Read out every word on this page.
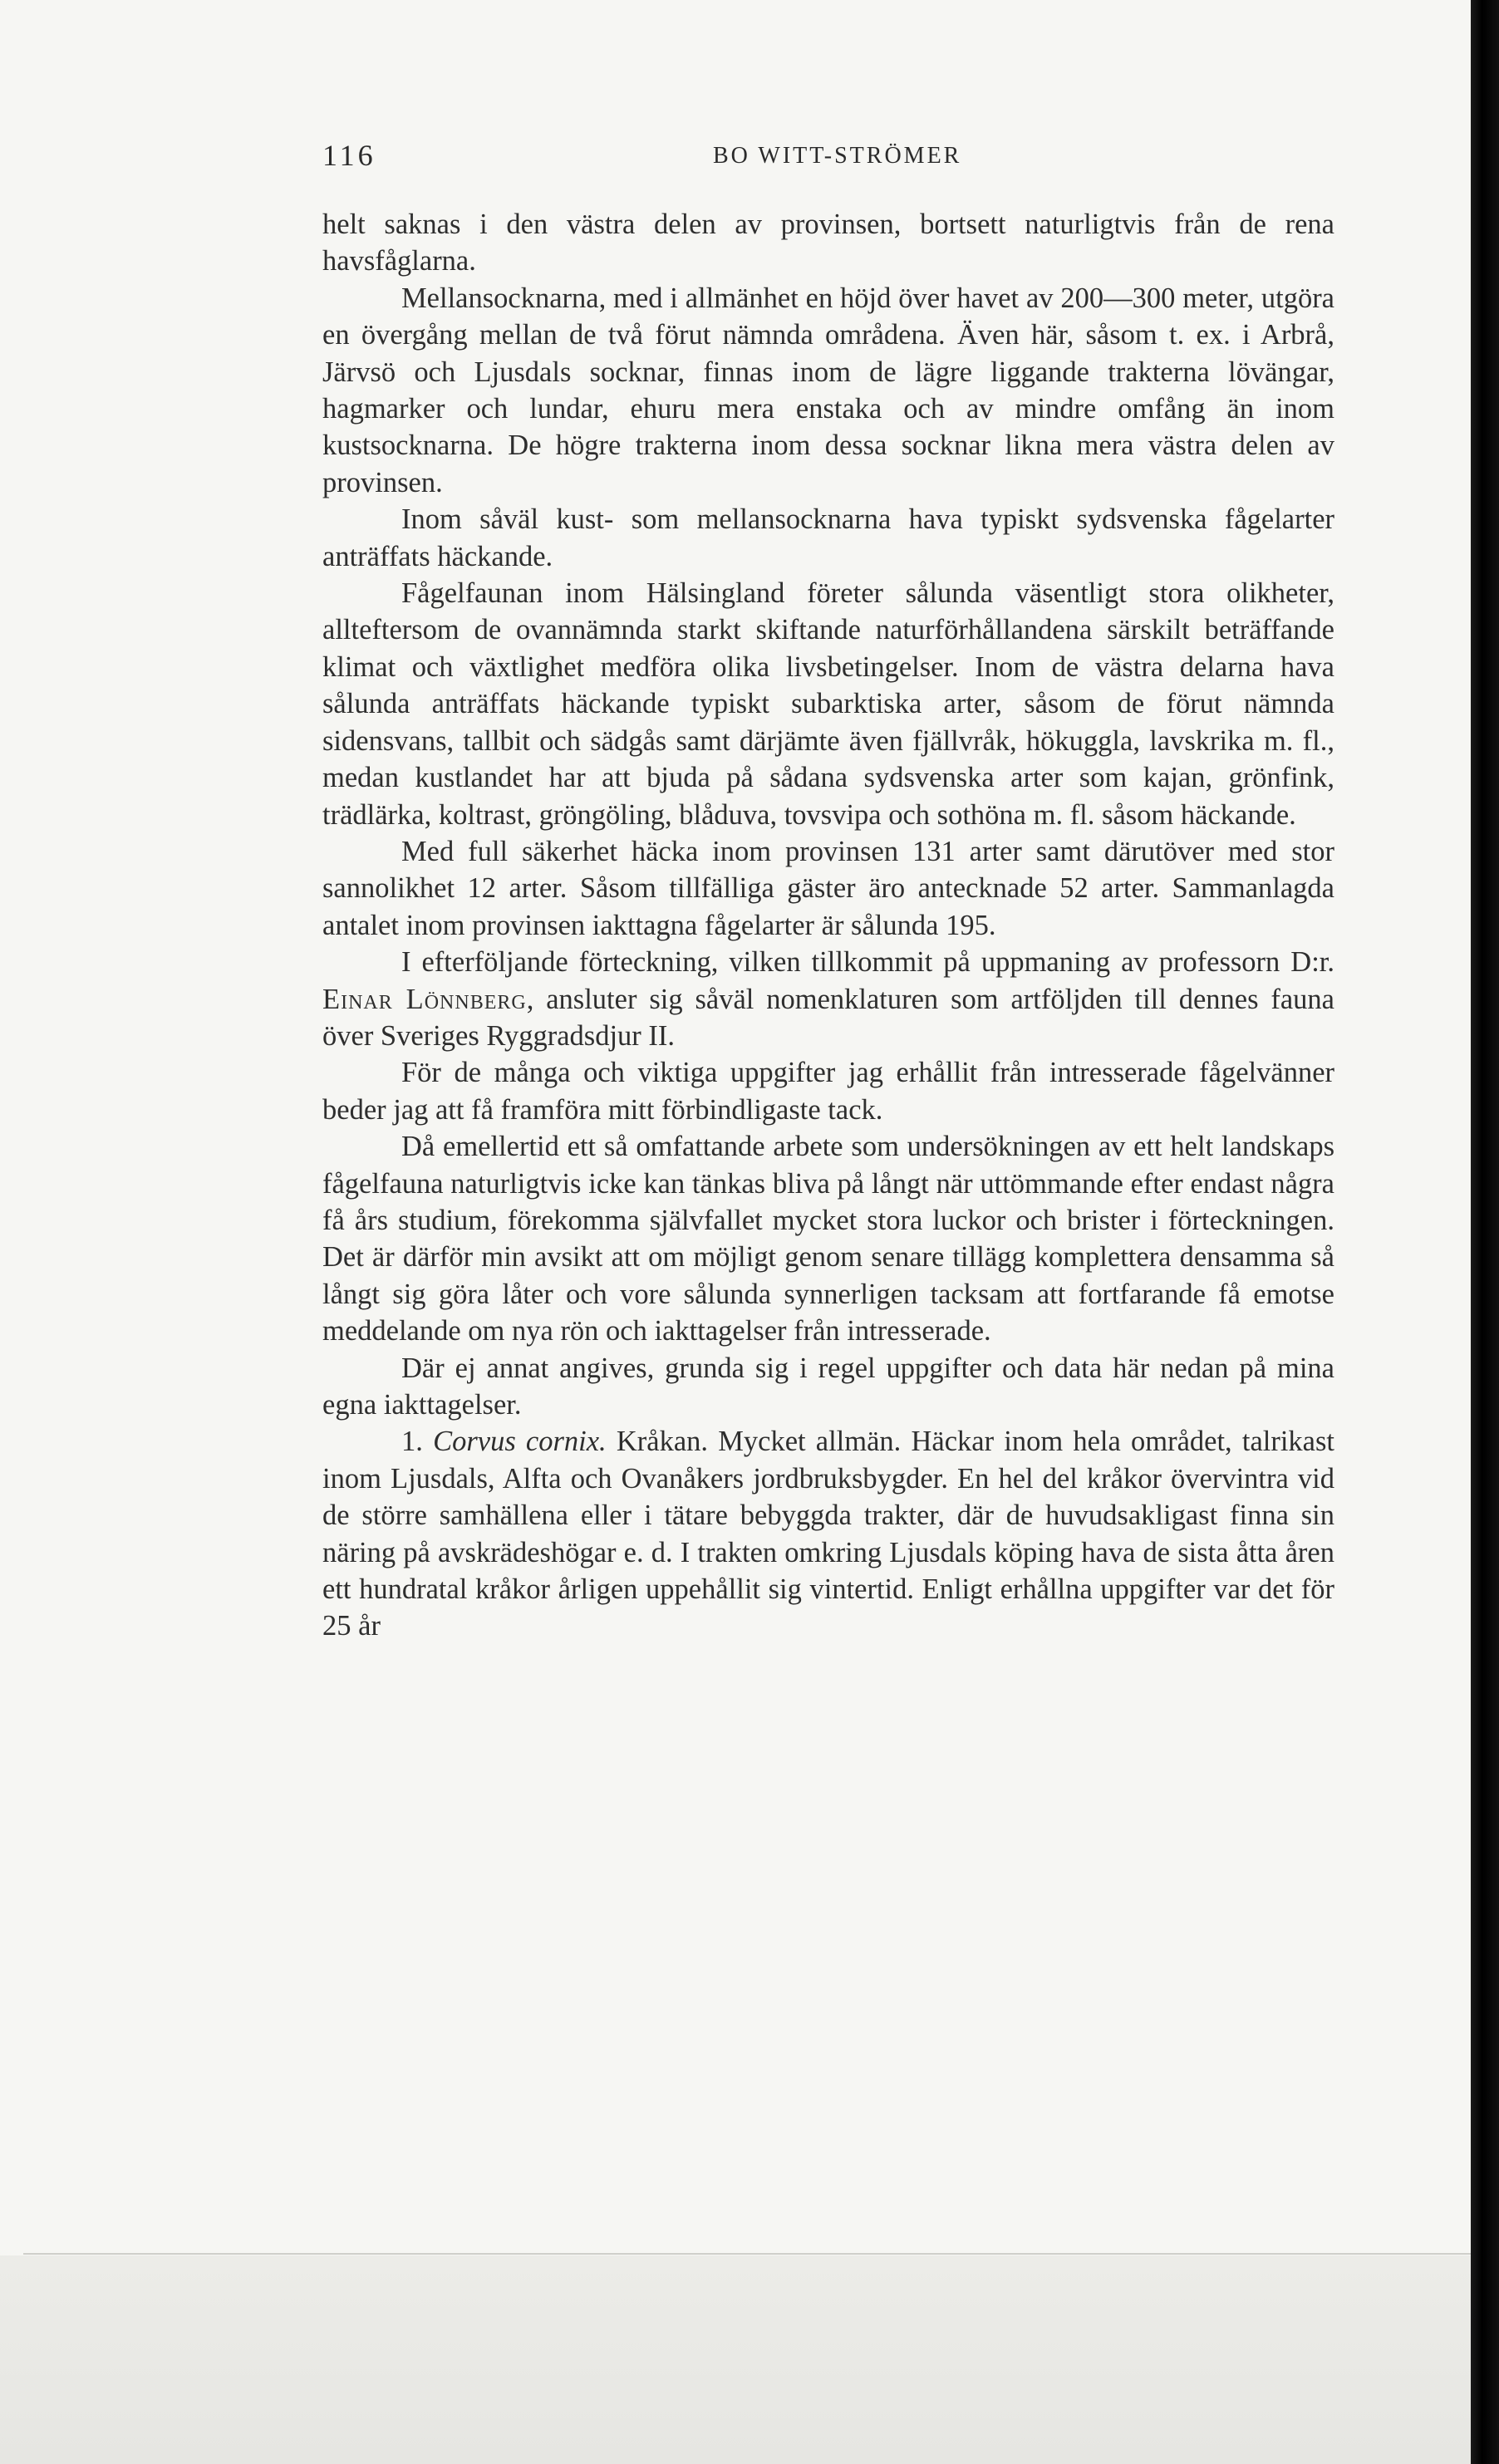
116	BO WITT-STRÖMER

helt saknas i den västra delen av provinsen, bortsett naturligtvis från de rena havsfåglarna.

Mellansocknarna, med i allmänhet en höjd över havet av 200—300 meter, utgöra en övergång mellan de två förut nämnda områdena. Även här, såsom t. ex. i Arbrå, Järvsö och Ljusdals socknar, finnas inom de lägre liggande trakterna lövängar, hagmarker och lundar, ehuru mera enstaka och av mindre omfång än inom kustsocknarna. De högre trakterna inom dessa socknar likna mera västra delen av provinsen.

Inom såväl kust- som mellansocknarna hava typiskt sydsvenska fågelarter anträffats häckande.

Fågelfaunan inom Hälsingland företer sålunda väsentligt stora olikheter, allteftersom de ovannämnda starkt skiftande naturförhållandena särskilt beträffande klimat och växtlighet medföra olika livsbetingelser. Inom de västra delarna hava sålunda anträffats häckande typiskt subarktiska arter, såsom de förut nämnda sidensvans, tallbit och sädgås samt därjämte även fjällvråk, hökuggla, lavskrika m. fl., medan kustlandet har att bjuda på sådana sydsvenska arter som kajan, grönfink, trädlärka, koltrast, gröngöling, blåduva, tovsvipa och sothöna m. fl. såsom häckande.

Med full säkerhet häcka inom provinsen 131 arter samt därutöver med stor sannolikhet 12 arter. Såsom tillfälliga gäster äro antecknade 52 arter. Sammanlagda antalet inom provinsen iakttagna fågelarter är sålunda 195.

I efterföljande förteckning, vilken tillkommit på uppmaning av professorn D:r. Einar Lönnberg, ansluter sig såväl nomenklaturen som artföljden till dennes fauna över Sveriges Ryggradsdjur II.

För de många och viktiga uppgifter jag erhållit från intresserade fågelvänner beder jag att få framföra mitt förbindligaste tack.

Då emellertid ett så omfattande arbete som undersökningen av ett helt landskaps fågelfauna naturligtvis icke kan tänkas bliva på långt när uttömmande efter endast några få års studium, förekomma självfallet mycket stora luckor och brister i förteckningen. Det är därför min avsikt att om möjligt genom senare tillägg komplettera densamma så långt sig göra låter och vore sålunda synnerligen tacksam att fortfarande få emotse meddelande om nya rön och iakttagelser från intresserade.

Där ej annat angives, grunda sig i regel uppgifter och data här nedan på mina egna iakttagelser.

1. Corvus cornix. Kråkan. Mycket allmän. Häckar inom hela området, talrikast inom Ljusdals, Alfta och Ovanåkers jordbruksbygder. En hel del kråkor övervintra vid de större samhällena eller i tätare bebyggda trakter, där de huvudsakligast finna sin näring på avskrädeshögar e. d. I trakten omkring Ljusdals köping hava de sista åtta åren ett hundratal kråkor årligen uppehållit sig vintertid. Enligt erhållna uppgifter var det för 25 år
